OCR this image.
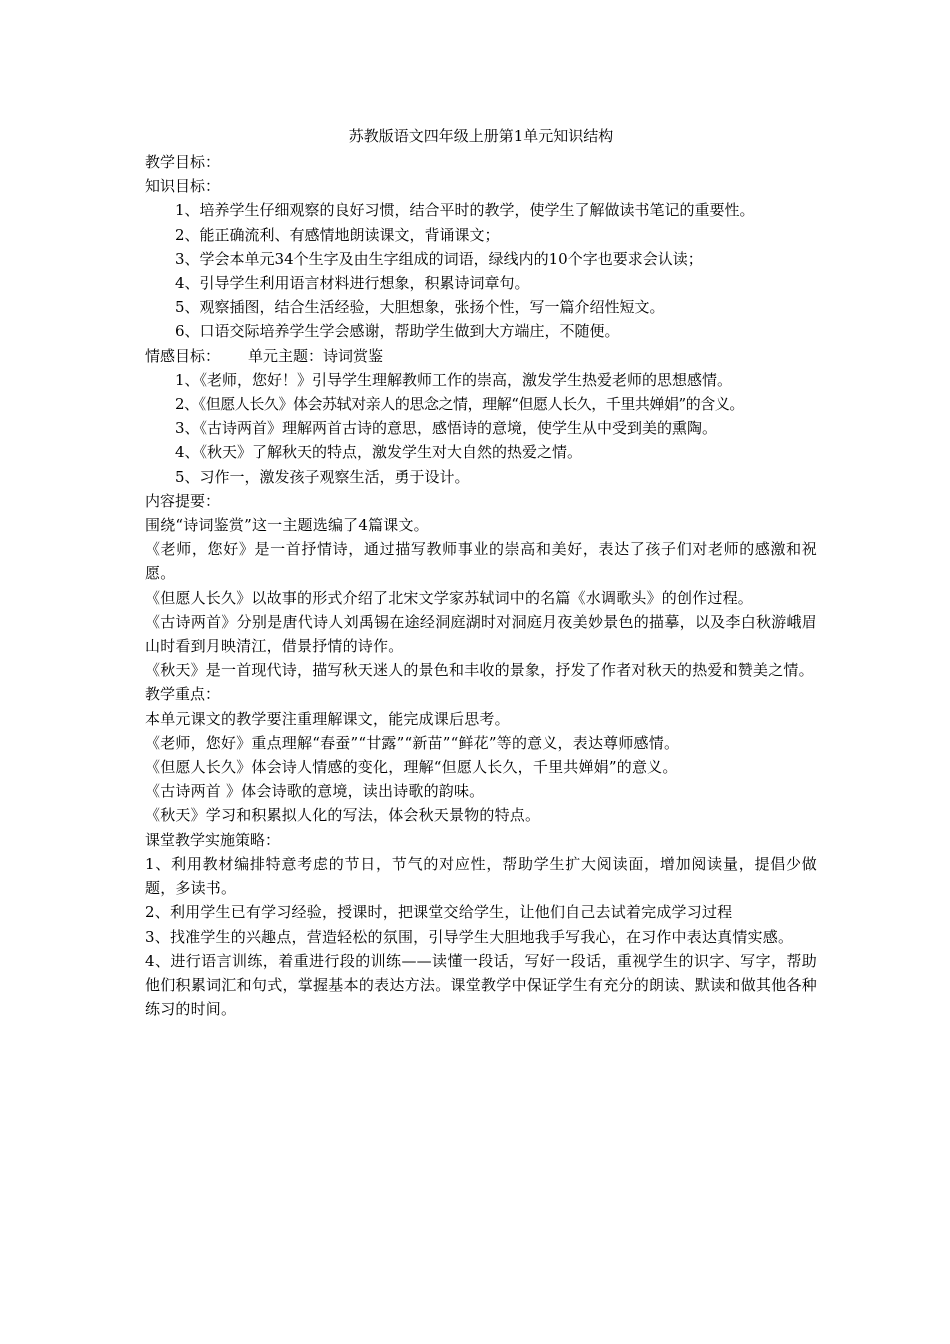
苏教版语文四年级上册第1单元知识结构

教学目标：

知识目标：

1、培养学生仔细观察的良好习惯，结合平时的教学，使学生了解做读书笔记的重要性。

2、能正确流利、有感情地朗读课文，背诵课文；

3、学会本单元34个生字及由生字组成的词语，绿线内的10个字也要求会认读；

4、引导学生利用语言材料进行想象，积累诗词章句。

5、观察插图，结合生活经验，大胆想象，张扬个性，写一篇介绍性短文。

6、口语交际培养学生学会感谢，帮助学生做到大方端庄，不随便。

情感目标： 单元主题：诗词赏鉴

1、《老师，您好！》引导学生理解教师工作的崇高，激发学生热爱老师的思想感情。

2、《但愿人长久》体会苏轼对亲人的思念之情，理解“但愿人长久，千里共婵娟”的含义。

3、《古诗两首》理解两首古诗的意思，感悟诗的意境，使学生从中受到美的熏陶。

4、《秋天》了解秋天的特点，激发学生对大自然的热爱之情。

5、习作一，激发孩子观察生活，勇于设计。

内容提要：

围绕“诗词鉴赏”这一主题选编了4篇课文。

《老师，您好》是一首抒情诗，通过描写教师事业的崇高和美好，表达了孩子们对老师的感激和祝愿。

《但愿人长久》以故事的形式介绍了北宋文学家苏轼词中的名篇《水调歌头》的创作过程。

《古诗两首》分别是唐代诗人刘禹锡在途经洞庭湖时对洞庭月夜美妙景色的描摹，以及李白秋游峨眉山时看到月映清江，借景抒情的诗作。

《秋天》是一首现代诗，描写秋天迷人的景色和丰收的景象，抒发了作者对秋天的热爱和赞美之情。

教学重点：

本单元课文的教学要注重理解课文，能完成课后思考。

《老师，您好》重点理解“春蚕”“甘露”“新苗”“鲜花”等的意义，表达尊师感情。

《但愿人长久》体会诗人情感的变化，理解“但愿人长久，千里共婵娟”的意义。

《古诗两首 》体会诗歌的意境，读出诗歌的韵味。

《秋天》学习和积累拟人化的写法，体会秋天景物的特点。

课堂教学实施策略：

1、利用教材编排特意考虑的节日，节气的对应性，帮助学生扩大阅读面，增加阅读量，提倡少做题，多读书。

2、利用学生已有学习经验，授课时，把课堂交给学生，让他们自己去试着完成学习过程

3、找准学生的兴趣点，营造轻松的氛围，引导学生大胆地我手写我心，在习作中表达真情实感。

4、进行语言训练，着重进行段的训练——读懂一段话，写好一段话，重视学生的识字、写字，帮助他们积累词汇和句式，掌握基本的表达方法。课堂教学中保证学生有充分的朗读、默读和做其他各种练习的时间。
